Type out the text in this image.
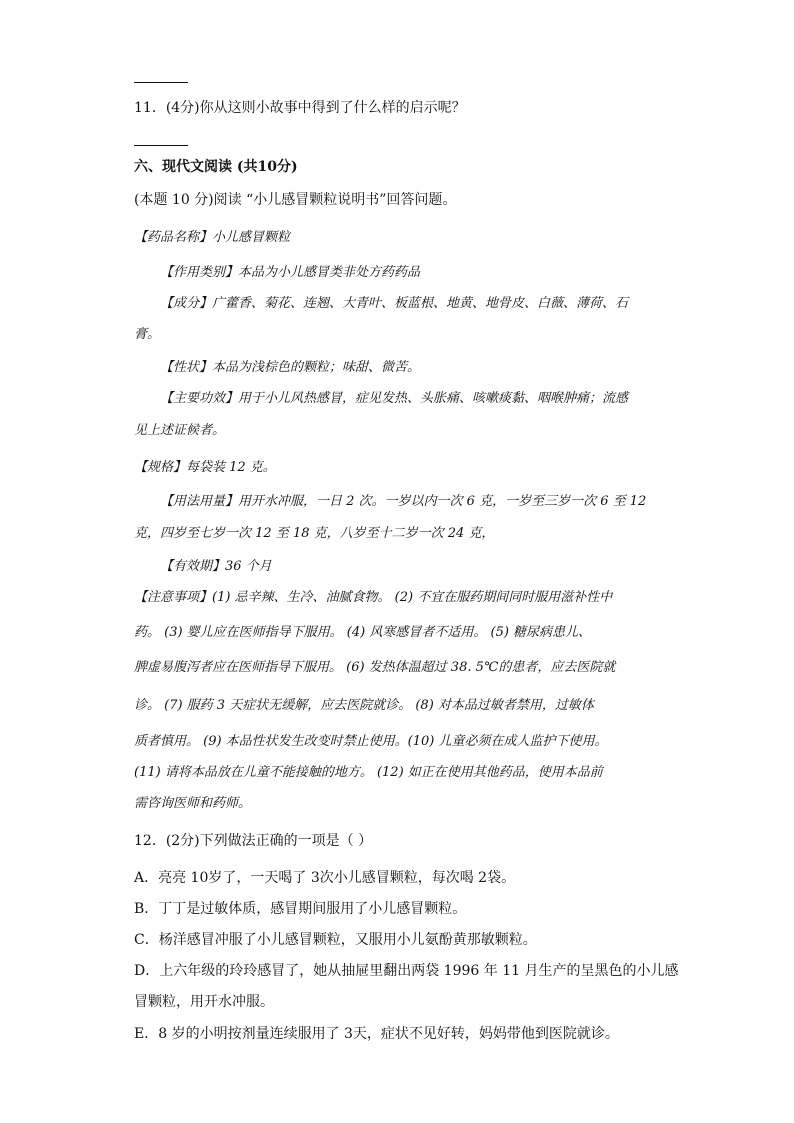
11．(4分)你从这则小故事中得到了什么样的启示呢？
六、现代文阅读 (共10分)
(本题 10 分)阅读 “小儿感冒颗粒说明书”回答问题。
【药品名称】小儿感冒颗粒
【作用类别】本品为小儿感冒类非处方药药品
【成分】广藿香、菊花、连翘、大青叶、板蓝根、地黄、地骨皮、白薇、薄荷、石
膏。
【性状】本品为浅棕色的颗粒；味甜、微苦。
【主要功效】用于小儿风热感冒，症见发热、头胀痛、咳嗽痰黏、咽喉肿痛；流感
见上述证候者。
【规格】每袋装 12 克。
【用法用量】用开水冲服，一日 2 次。一岁以内一次 6 克，一岁至三岁一次 6 至 12
克，四岁至七岁一次 12 至 18 克，八岁至十二岁一次 24 克，
【有效期】36 个月
【注意事项】(1) 忌辛辣、生冷、油腻食物。 (2) 不宜在服药期间同时服用滋补性中
药。 (3) 婴儿应在医师指导下服用。 (4) 风寒感冒者不适用。 (5) 糖尿病患儿、
脾虚易腹泻者应在医师指导下服用。 (6) 发热体温超过 38. 5℃的患者，应去医院就
诊。 (7) 服药 3 天症状无缓解，应去医院就诊。 (8) 对本品过敏者禁用，过敏体
质者慎用。 (9) 本品性状发生改变时禁止使用。(10) 儿童必须在成人监护下使用。
(11) 请将本品放在儿童不能接触的地方。 (12) 如正在使用其他药品，使用本品前
需咨询医师和药师。
12．(2分)下列做法正确的一项是（ ）
A．亮亮 10岁了，一天喝了 3次小儿感冒颗粒，每次喝 2袋。
B．丁丁是过敏体质，感冒期间服用了小儿感冒颗粒。
C．杨洋感冒冲服了小儿感冒颗粒，又服用小儿氨酚黄那敏颗粒。
D．上六年级的玲玲感冒了，她从抽屉里翻出两袋 1996 年 11 月生产的呈黑色的小儿感
冒颗粒，用开水冲服。
E．8 岁的小明按剂量连续服用了 3天，症状不见好转，妈妈带他到医院就诊。
